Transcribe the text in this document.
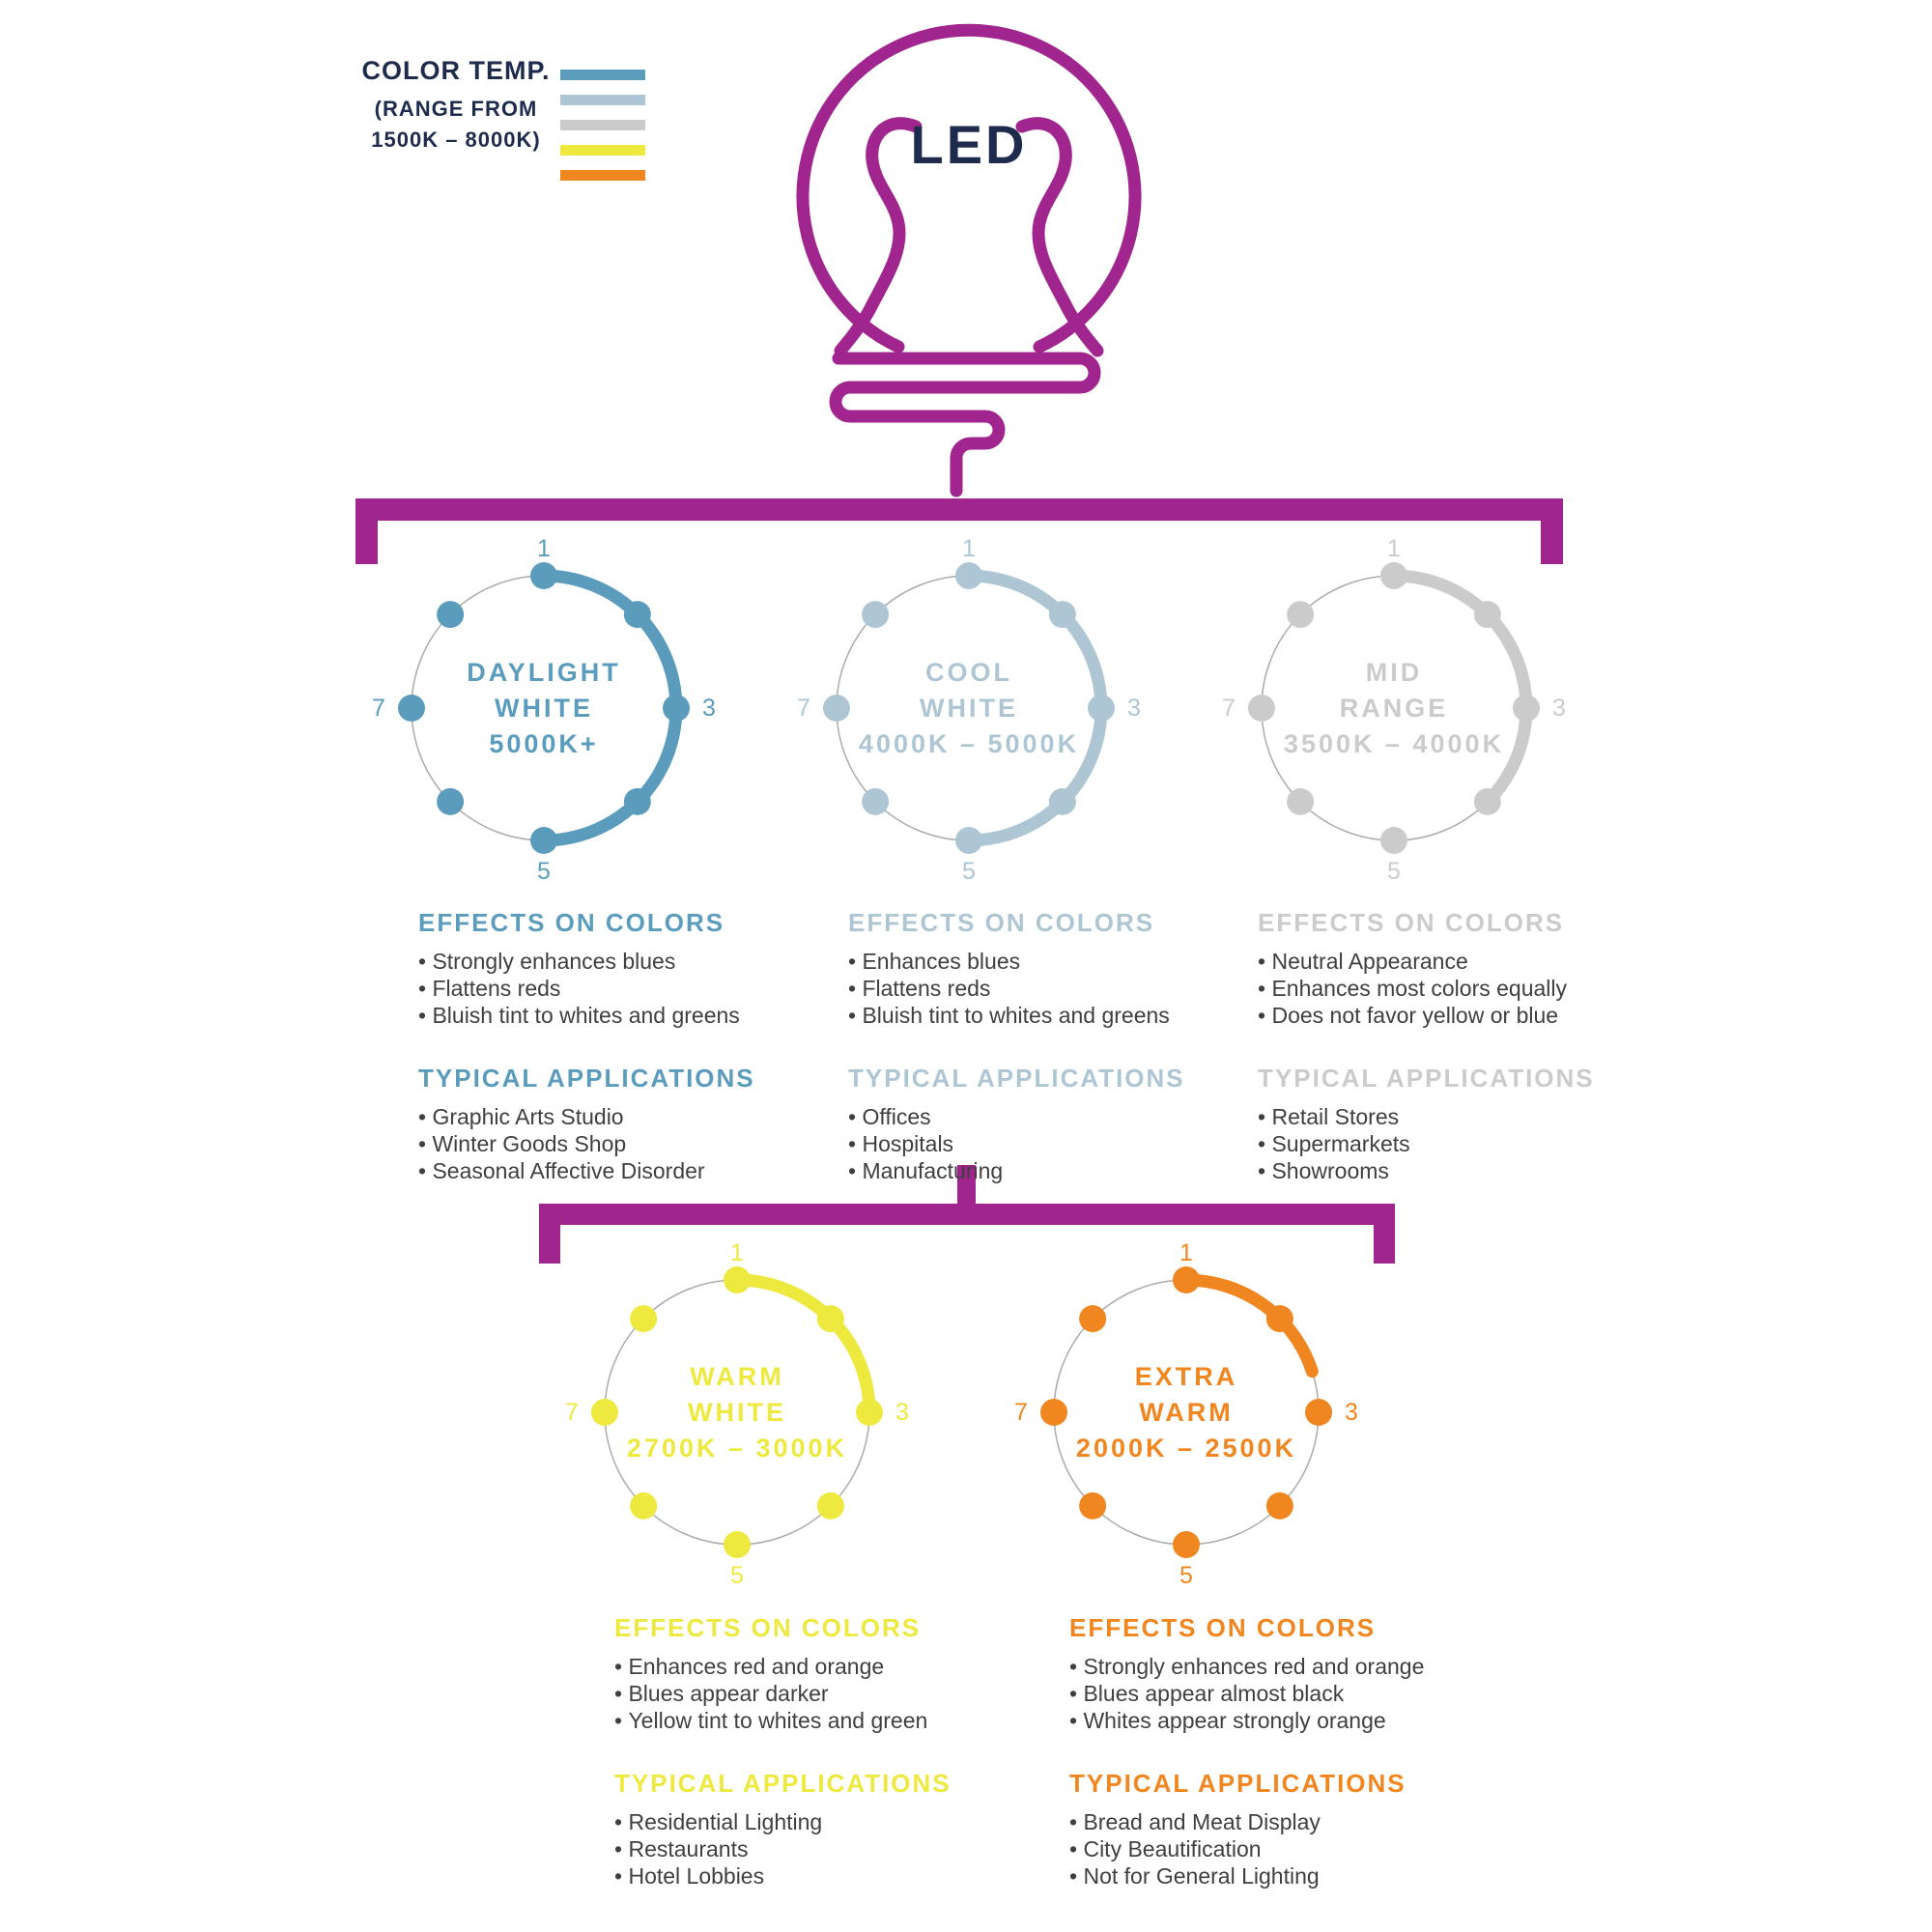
COLOR TEMP.
(RANGE FROM
1500K – 8000K)	LED
1
3
5
7
DAYLIGHT
WHITE
5000K+
1
3
5
7
COOL
WHITE
4000K – 5000K
1
3
5
7
MID
RANGE
3500K – 4000K
1
3
5
7
WARM
WHITE
2700K – 3000K
1
3
5
7
EXTRA
WARM
2000K – 2500K
EFFECTS ON COLORS
• Strongly enhances blues
• Flattens reds
• Bluish tint to whites and greens
TYPICAL APPLICATIONS
• Graphic Arts Studio
• Winter Goods Shop
• Seasonal Affective Disorder
EFFECTS ON COLORS
• Enhances blues
• Flattens reds
• Bluish tint to whites and greens
TYPICAL APPLICATIONS
• Offices
• Hospitals
• Manufacturing
EFFECTS ON COLORS
• Neutral Appearance
• Enhances most colors equally
• Does not favor yellow or blue
TYPICAL APPLICATIONS
• Retail Stores
• Supermarkets
• Showrooms
EFFECTS ON COLORS
• Enhances red and orange
• Blues appear darker
• Yellow tint to whites and green
TYPICAL APPLICATIONS
• Residential Lighting
• Restaurants
• Hotel Lobbies
EFFECTS ON COLORS
• Strongly enhances red and orange
• Blues appear almost black
• Whites appear strongly orange
TYPICAL APPLICATIONS
• Bread and Meat Display
• City Beautification
• Not for General Lighting
